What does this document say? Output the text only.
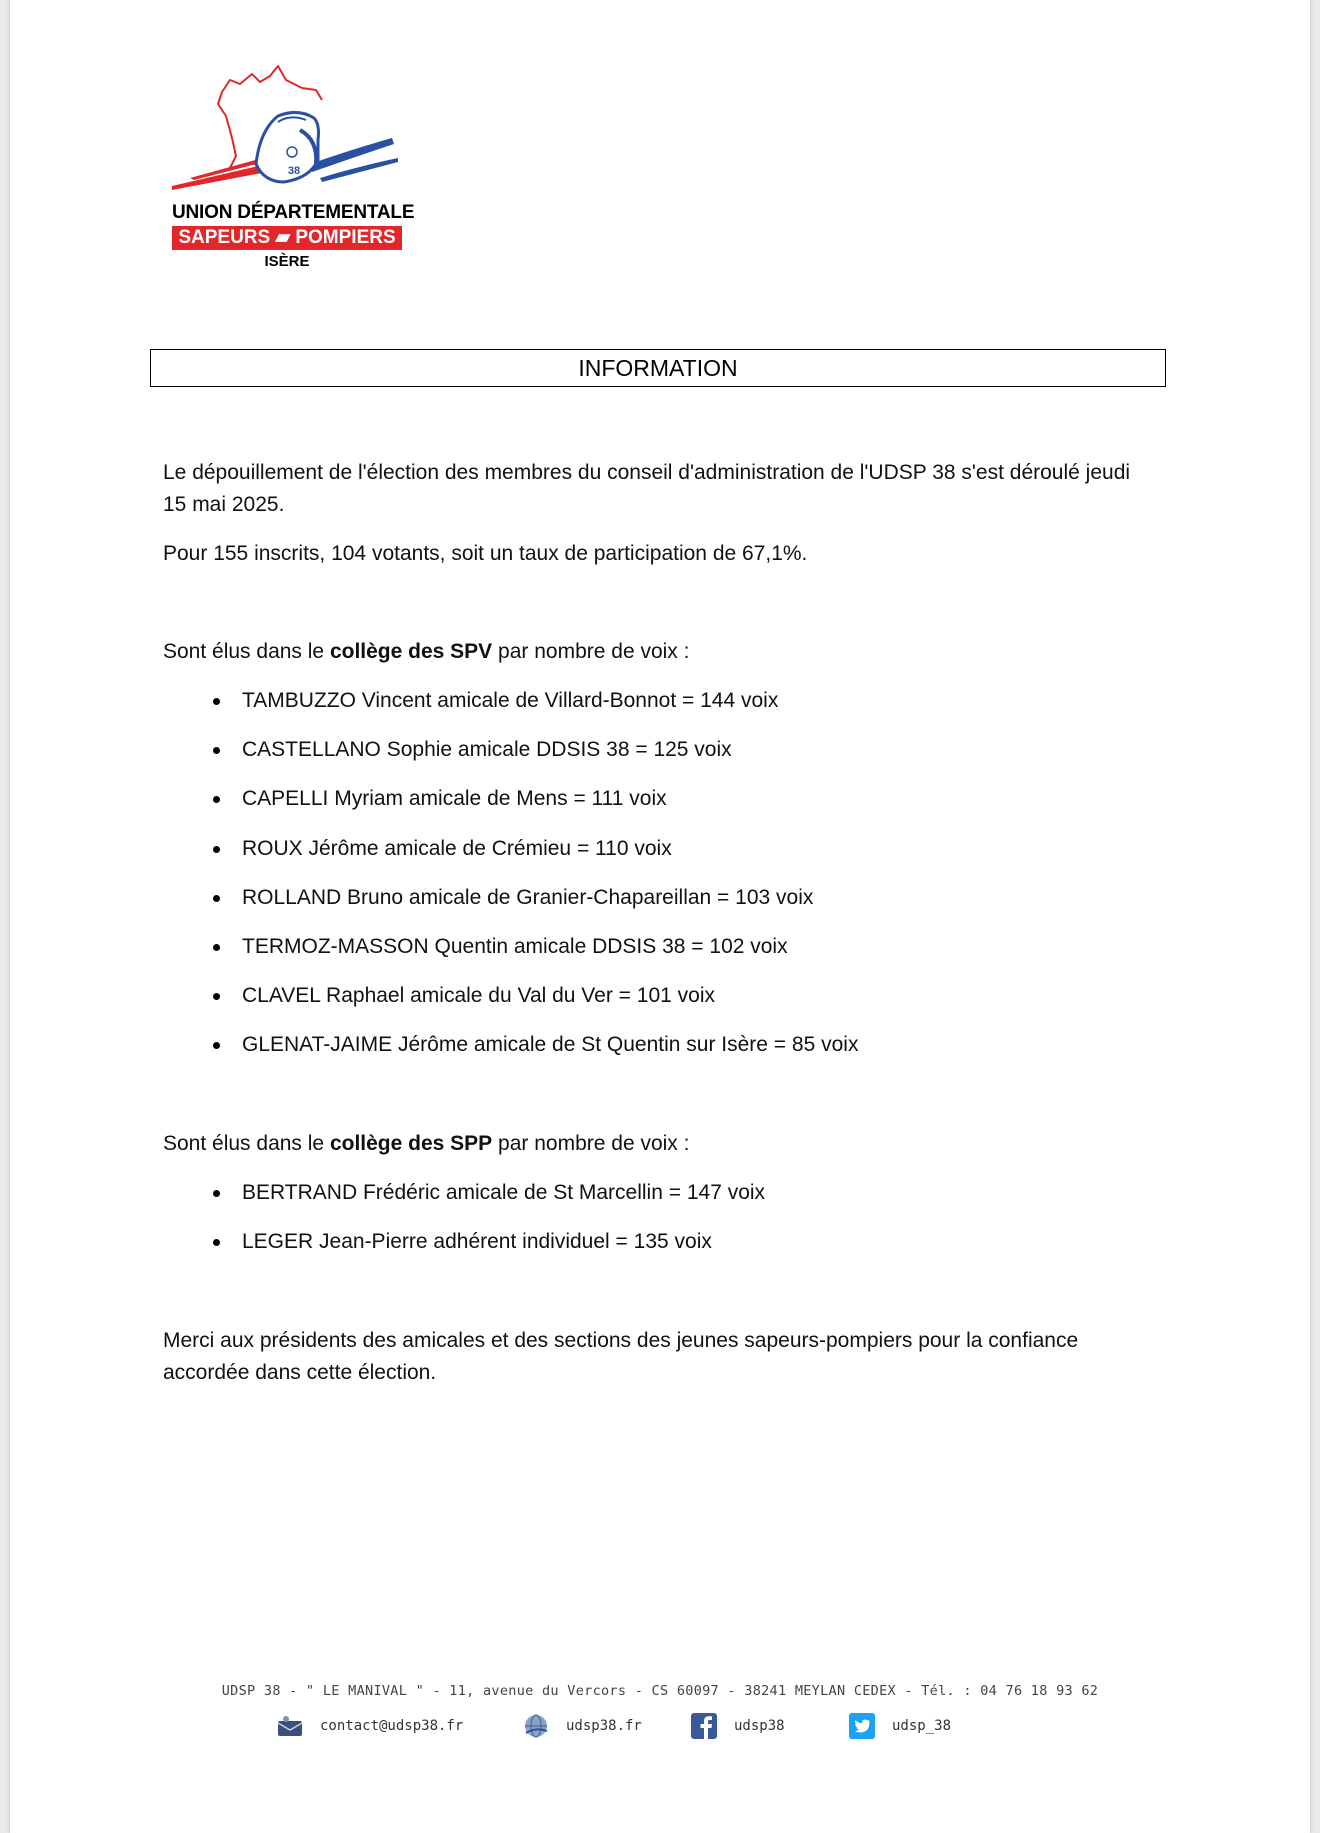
38
UNION DÉPARTEMENTALE
SAPEURS ▰ POMPIERS
ISÈRE
INFORMATION

Le dépouillement de l'élection des membres du conseil d'administration de l'UDSP 38 s'est déroulé jeudi 15 mai 2025.

Pour 155 inscrits, 104 votants, soit un taux de participation de 67,1%.

Sont élus dans le collège des SPV par nombre de voix :

TAMBUZZO Vincent amicale de Villard-Bonnot = 144 voix
CASTELLANO Sophie amicale DDSIS 38 = 125 voix
CAPELLI Myriam amicale de Mens = 111 voix
ROUX Jérôme amicale de Crémieu = 110 voix
ROLLAND Bruno amicale de Granier-Chapareillan = 103 voix
TERMOZ-MASSON Quentin amicale DDSIS 38 = 102 voix
CLAVEL Raphael amicale du Val du Ver = 101 voix
GLENAT-JAIME Jérôme amicale de St Quentin sur Isère = 85 voix

Sont élus dans le collège des SPP par nombre de voix :

BERTRAND Frédéric amicale de St Marcellin = 147 voix
LEGER Jean-Pierre adhérent individuel = 135 voix

Merci aux présidents des amicales et des sections des jeunes sapeurs-pompiers pour la confiance accordée dans cette élection.

UDSP 38 - " LE MANIVAL " - 11, avenue du Vercors - CS 60097 - 38241 MEYLAN CEDEX - Tél. : 04 76 18 93 62
contact@udsp38.fr	udsp38.fr	udsp38	udsp_38
